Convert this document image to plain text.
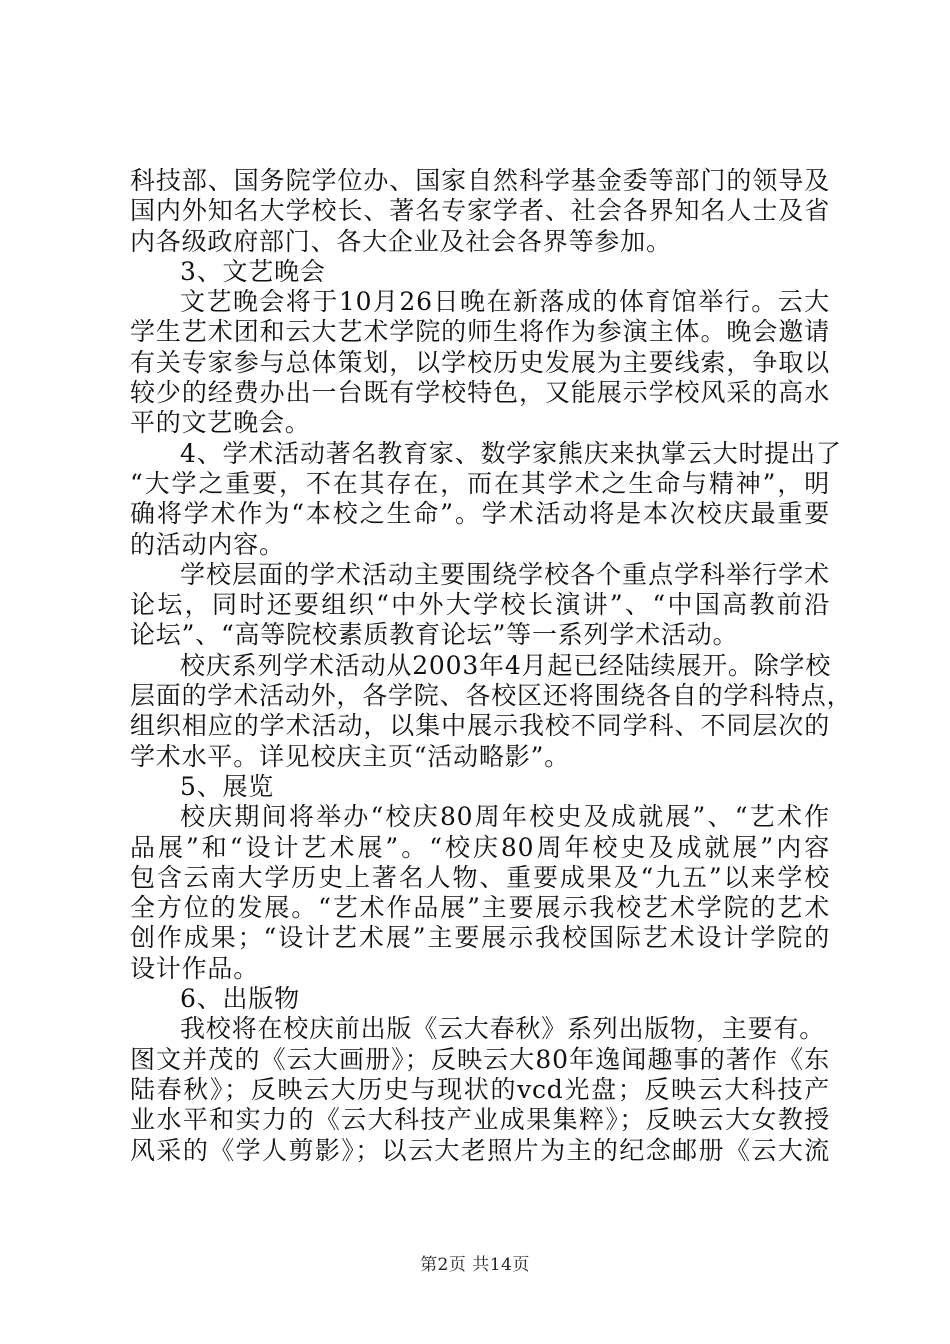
科技部、国务院学位办、国家自然科学基金委等部门的领导及
国内外知名大学校长、著名专家学者、社会各界知名人士及省
内各级政府部门、各大企业及社会各界等参加。
3、文艺晚会
文艺晚会将于10月26日晚在新落成的体育馆举行。云大
学生艺术团和云大艺术学院的师生将作为参演主体。晚会邀请
有关专家参与总体策划，以学校历史发展为主要线索，争取以
较少的经费办出一台既有学校特色，又能展示学校风采的高水
平的文艺晚会。
4、学术活动著名教育家、数学家熊庆来执掌云大时提出了
“大学之重要，不在其存在，而在其学术之生命与精神”，明
确将学术作为“本校之生命”。学术活动将是本次校庆最重要
的活动内容。
学校层面的学术活动主要围绕学校各个重点学科举行学术
论坛，同时还要组织“中外大学校长演讲”、“中国高教前沿
论坛”、“高等院校素质教育论坛”等一系列学术活动。
校庆系列学术活动从2003年4月起已经陆续展开。除学校
层面的学术活动外，各学院、各校区还将围绕各自的学科特点，
组织相应的学术活动，以集中展示我校不同学科、不同层次的
学术水平。详见校庆主页“活动略影”。
5、展览
校庆期间将举办“校庆80周年校史及成就展”、“艺术作
品展”和“设计艺术展”。“校庆80周年校史及成就展”内容
包含云南大学历史上著名人物、重要成果及“九五”以来学校
全方位的发展。“艺术作品展”主要展示我校艺术学院的艺术
创作成果；“设计艺术展”主要展示我校国际艺术设计学院的
设计作品。
6、出版物
我校将在校庆前出版《云大春秋》系列出版物，主要有。
图文并茂的《云大画册》；反映云大80年逸闻趣事的著作《东
陆春秋》；反映云大历史与现状的vcd光盘；反映云大科技产
业水平和实力的《云大科技产业成果集粹》；反映云大女教授
风采的《学人剪影》；以云大老照片为主的纪念邮册《云大流
第2页 共14页
